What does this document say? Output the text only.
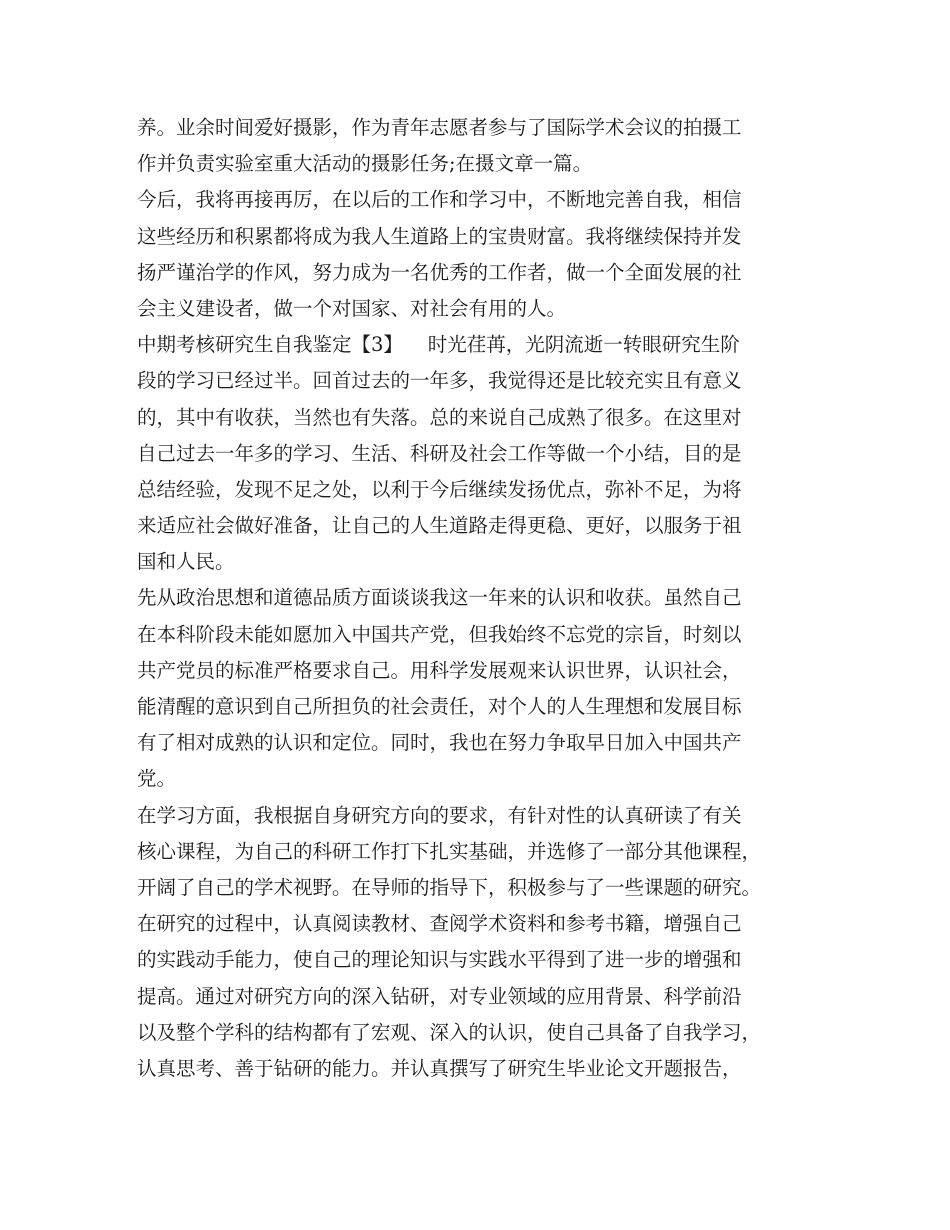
养。业余时间爱好摄影，作为青年志愿者参与了国际学术会议的拍摄工
作并负责实验室重大活动的摄影任务;在摄文章一篇。
今后，我将再接再厉，在以后的工作和学习中，不断地完善自我，相信
这些经历和积累都将成为我人生道路上的宝贵财富。我将继续保持并发
扬严谨治学的作风，努力成为一名优秀的工作者，做一个全面发展的社
会主义建设者，做一个对国家、对社会有用的人。
中期考核研究生自我鉴定【3】    时光荏苒，光阴流逝一转眼研究生阶
段的学习已经过半。回首过去的一年多，我觉得还是比较充实且有意义
的，其中有收获，当然也有失落。总的来说自己成熟了很多。在这里对
自己过去一年多的学习、生活、科研及社会工作等做一个小结，目的是
总结经验，发现不足之处，以利于今后继续发扬优点，弥补不足，为将
来适应社会做好准备，让自己的人生道路走得更稳、更好，以服务于祖
国和人民。
先从政治思想和道德品质方面谈谈我这一年来的认识和收获。虽然自己
在本科阶段未能如愿加入中国共产党，但我始终不忘党的宗旨，时刻以
共产党员的标准严格要求自己。用科学发展观来认识世界，认识社会，
能清醒的意识到自己所担负的社会责任，对个人的人生理想和发展目标
有了相对成熟的认识和定位。同时，我也在努力争取早日加入中国共产
党。
在学习方面，我根据自身研究方向的要求，有针对性的认真研读了有关
核心课程，为自己的科研工作打下扎实基础，并选修了一部分其他课程，
开阔了自己的学术视野。在导师的指导下，积极参与了一些课题的研究。
在研究的过程中，认真阅读教材、查阅学术资料和参考书籍，增强自己
的实践动手能力，使自己的理论知识与实践水平得到了进一步的增强和
提高。通过对研究方向的深入钻研，对专业领域的应用背景、科学前沿
以及整个学科的结构都有了宏观、深入的认识，使自己具备了自我学习，
认真思考、善于钻研的能力。并认真撰写了研究生毕业论文开题报告，
